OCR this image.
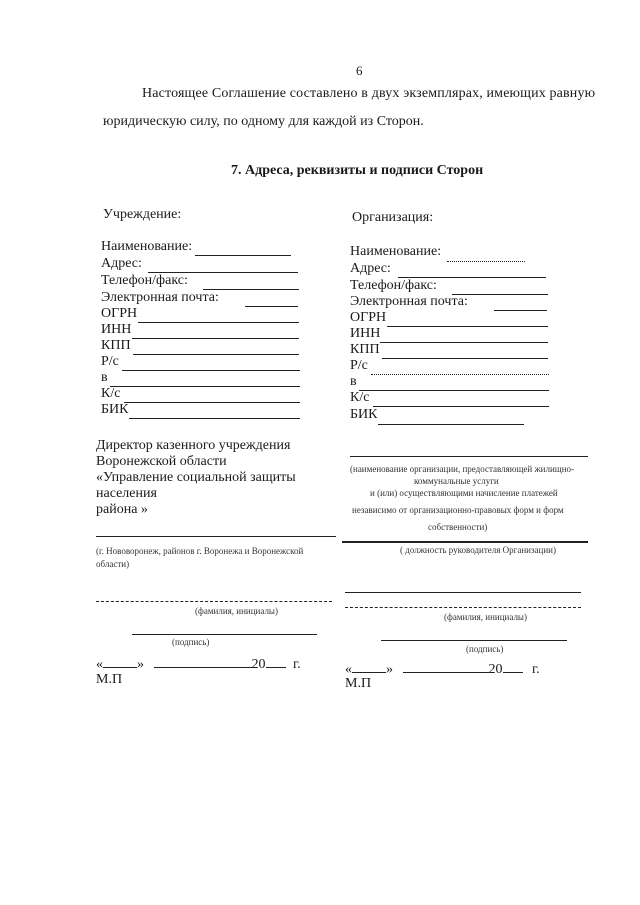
6
Настоящее Соглашение составлено в двух экземплярах, имеющих равную
юридическую силу, по одному для каждой из Сторон.
7. Адреса, реквизиты и подписи Сторон
Учреждение:
Наименование:
Адрес:
Телефон/факс:
Электронная почта:
ОГРН
ИНН
КПП
Р/с
в
К/с
БИК
Директор казенного учреждения
Воронежской области
«Управление социальной защиты
населения
района »
(г. Нововоронеж, районов г. Воронежа и Воронежской
области)
(фамилия, инициалы)
(подпись)
« »	20 г.
М.П
Организация:
Наименование:
Адрес:
Телефон/факс:
Электронная почта:
ОГРН
ИНН
КПП
Р/с
в
К/с
БИК
(наименование организации, предоставляющей жилищно-
коммунальные услуги
и (или) осуществляющими начисление платежей
независимо от организационно-правовых форм и форм
собственности)
( должность руководителя Организации)
(фамилия, инициалы)
(подпись)
« »	20 г.
М.П
